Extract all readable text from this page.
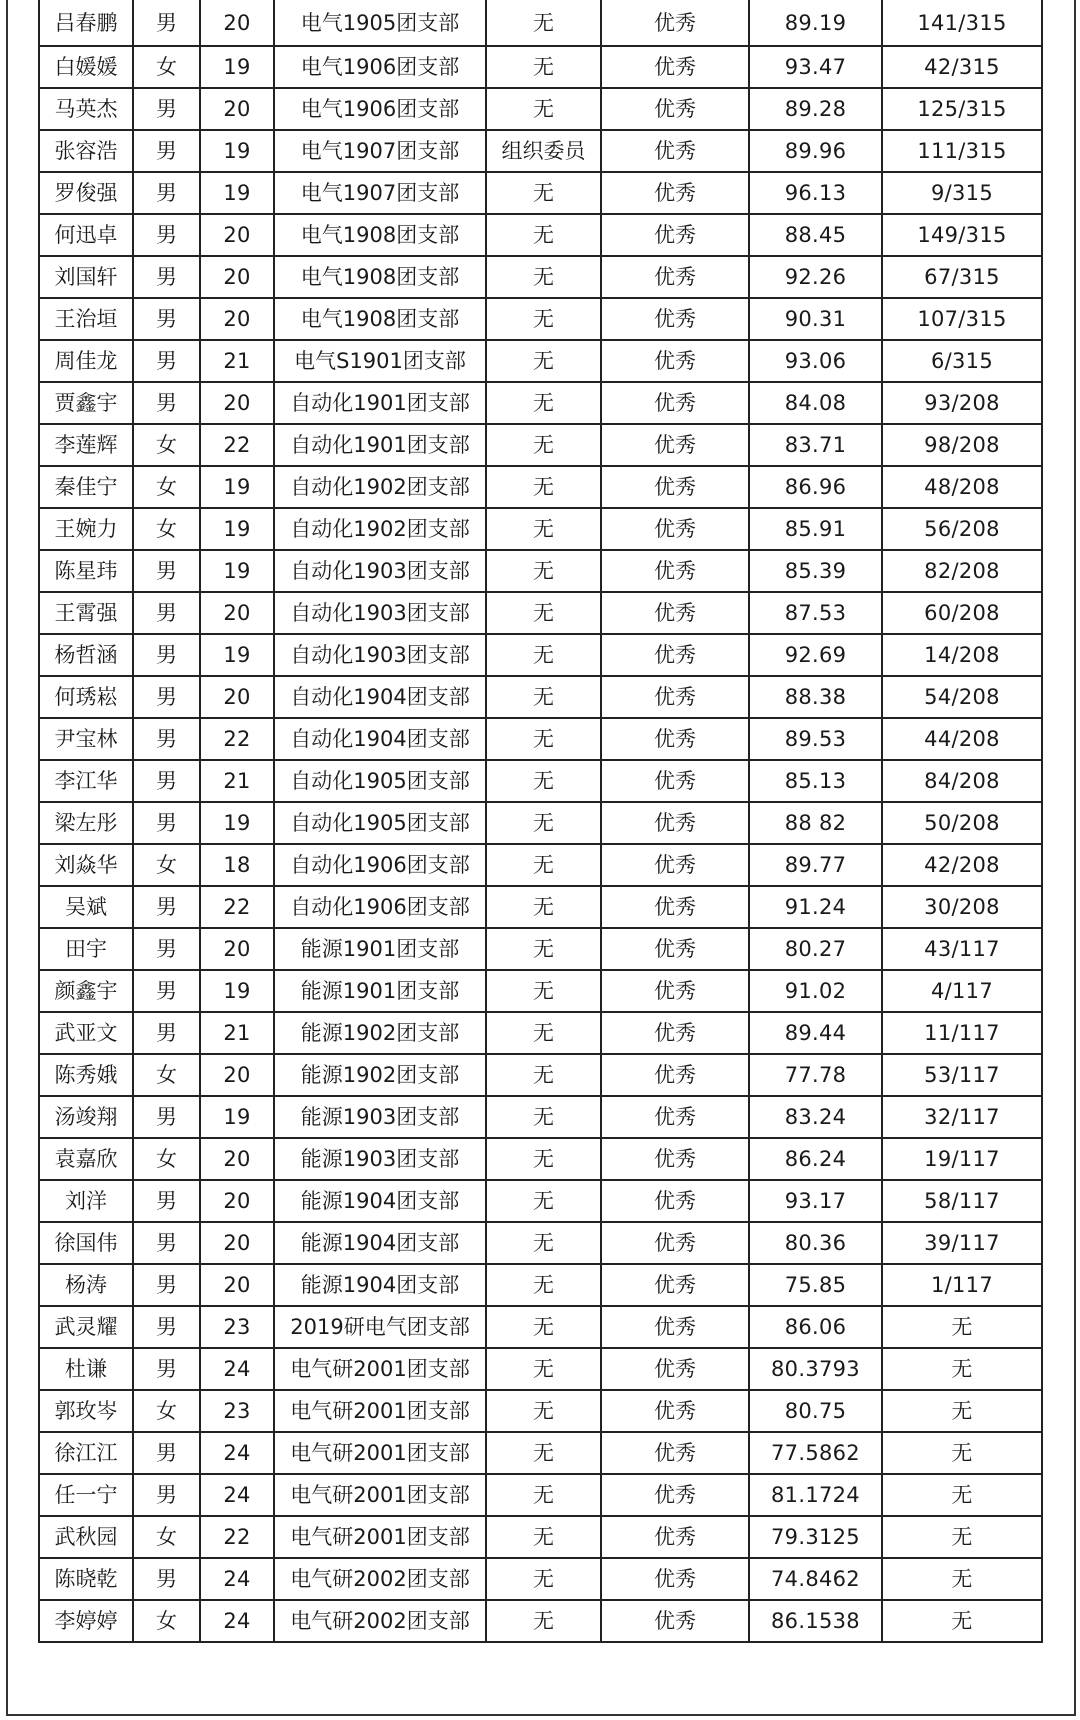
吕春鹏	男	20	电气1905团支部	无	优秀	89.19	141/315
白媛媛	女	19	电气1906团支部	无	优秀	93.47	42/315
马英杰	男	20	电气1906团支部	无	优秀	89.28	125/315
张容浩	男	19	电气1907团支部	组织委员	优秀	89.96	111/315
罗俊强	男	19	电气1907团支部	无	优秀	96.13	9/315
何迅卓	男	20	电气1908团支部	无	优秀	88.45	149/315
刘国轩	男	20	电气1908团支部	无	优秀	92.26	67/315
王治垣	男	20	电气1908团支部	无	优秀	90.31	107/315
周佳龙	男	21	电气S1901团支部	无	优秀	93.06	6/315
贾鑫宇	男	20	自动化1901团支部	无	优秀	84.08	93/208
李莲辉	女	22	自动化1901团支部	无	优秀	83.71	98/208
秦佳宁	女	19	自动化1902团支部	无	优秀	86.96	48/208
王婉力	女	19	自动化1902团支部	无	优秀	85.91	56/208
陈星玮	男	19	自动化1903团支部	无	优秀	85.39	82/208
王霄强	男	20	自动化1903团支部	无	优秀	87.53	60/208
杨哲涵	男	19	自动化1903团支部	无	优秀	92.69	14/208
何琇崧	男	20	自动化1904团支部	无	优秀	88.38	54/208
尹宝林	男	22	自动化1904团支部	无	优秀	89.53	44/208
李江华	男	21	自动化1905团支部	无	优秀	85.13	84/208
梁左彤	男	19	自动化1905团支部	无	优秀	88 82	50/208
刘焱华	女	18	自动化1906团支部	无	优秀	89.77	42/208
吴斌	男	22	自动化1906团支部	无	优秀	91.24	30/208
田宇	男	20	能源1901团支部	无	优秀	80.27	43/117
颜鑫宇	男	19	能源1901团支部	无	优秀	91.02	4/117
武亚文	男	21	能源1902团支部	无	优秀	89.44	11/117
陈秀娥	女	20	能源1902团支部	无	优秀	77.78	53/117
汤竣翔	男	19	能源1903团支部	无	优秀	83.24	32/117
袁嘉欣	女	20	能源1903团支部	无	优秀	86.24	19/117
刘洋	男	20	能源1904团支部	无	优秀	93.17	58/117
徐国伟	男	20	能源1904团支部	无	优秀	80.36	39/117
杨涛	男	20	能源1904团支部	无	优秀	75.85	1/117
武灵耀	男	23	2019研电气团支部	无	优秀	86.06	无
杜谦	男	24	电气研2001团支部	无	优秀	80.3793	无
郭玫岑	女	23	电气研2001团支部	无	优秀	80.75	无
徐江江	男	24	电气研2001团支部	无	优秀	77.5862	无
任一宁	男	24	电气研2001团支部	无	优秀	81.1724	无
武秋园	女	22	电气研2001团支部	无	优秀	79.3125	无
陈晓乾	男	24	电气研2002团支部	无	优秀	74.8462	无
李婷婷	女	24	电气研2002团支部	无	优秀	86.1538	无
